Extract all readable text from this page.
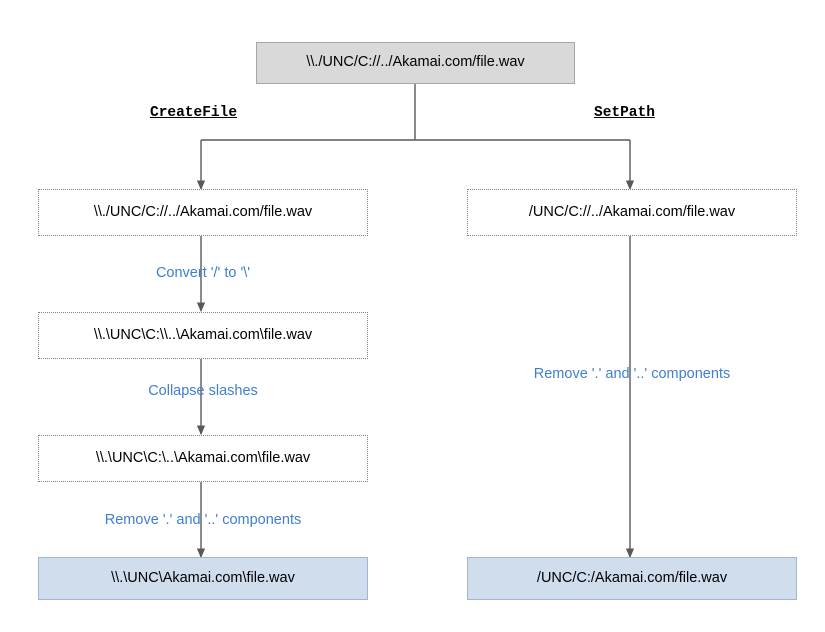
\\./UNC/C://../Akamai.com/file.wav
CreateFile	SetPath
\\./UNC/C://../Akamai.com/file.wav
Convert '/' to '\'
\\.\UNC\C:\\..\Akamai.com\file.wav
Collapse slashes
\\.\UNC\C:\..\Akamai.com\file.wav
Remove '.' and '..' components
\\.\UNC\Akamai.com\file.wav
/UNC/C://../Akamai.com/file.wav
Remove '.' and '..' components
/UNC/C:/Akamai.com/file.wav
